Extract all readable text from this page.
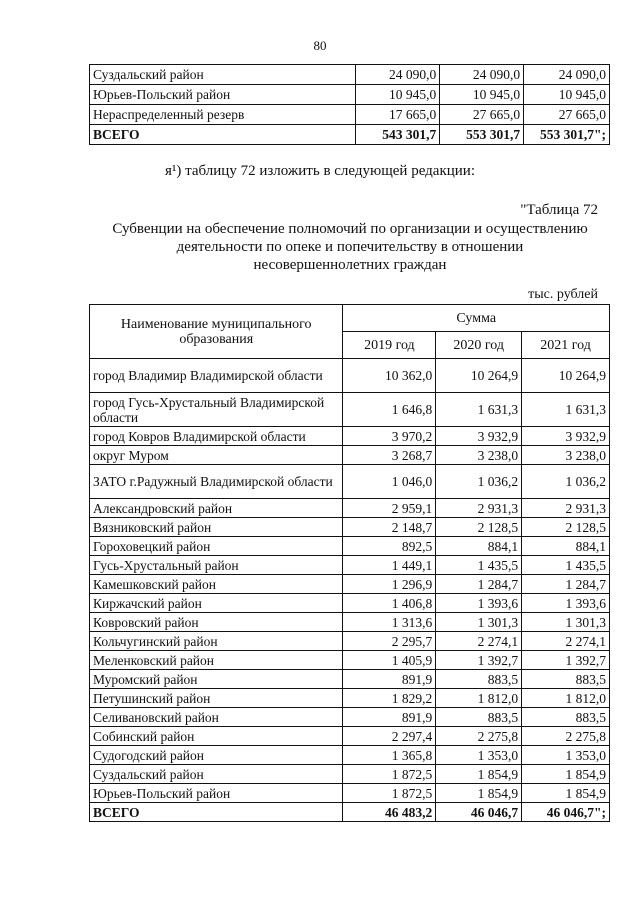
80
Суздальский район	24 090,0	24 090,0	24 090,0
Юрьев-Польский район	10 945,0	10 945,0	10 945,0
Нераспределенный резерв	17 665,0	27 665,0	27 665,0
ВСЕГО	543 301,7	553 301,7	553 301,7";
я¹) таблицу 72 изложить в следующей редакции:
"Таблица 72
Субвенции на обеспечение полномочий по организации и осуществлению
деятельности по опеке и попечительству в отношении
несовершеннолетних граждан
тыс. рублей
Наименование муниципального образования	Сумма		
	2019 год	2020 год	2021 год
город Владимир Владимирской области	10 362,0	10 264,9	10 264,9
город Гусь-Хрустальный Владимирской области	1 646,8	1 631,3	1 631,3
город Ковров Владимирской области	3 970,2	3 932,9	3 932,9
округ Муром	3 268,7	3 238,0	3 238,0
ЗАТО г.Радужный Владимирской области	1 046,0	1 036,2	1 036,2
Александровский район	2 959,1	2 931,3	2 931,3
Вязниковский район	2 148,7	2 128,5	2 128,5
Гороховецкий район	892,5	884,1	884,1
Гусь-Хрустальный район	1 449,1	1 435,5	1 435,5
Камешковский район	1 296,9	1 284,7	1 284,7
Киржачский район	1 406,8	1 393,6	1 393,6
Ковровский район	1 313,6	1 301,3	1 301,3
Кольчугинский район	2 295,7	2 274,1	2 274,1
Меленковский район	1 405,9	1 392,7	1 392,7
Муромский район	891,9	883,5	883,5
Петушинский район	1 829,2	1 812,0	1 812,0
Селивановский район	891,9	883,5	883,5
Собинский район	2 297,4	2 275,8	2 275,8
Судогодский район	1 365,8	1 353,0	1 353,0
Суздальский район	1 872,5	1 854,9	1 854,9
Юрьев-Польский район	1 872,5	1 854,9	1 854,9
ВСЕГО	46 483,2	46 046,7	46 046,7";
